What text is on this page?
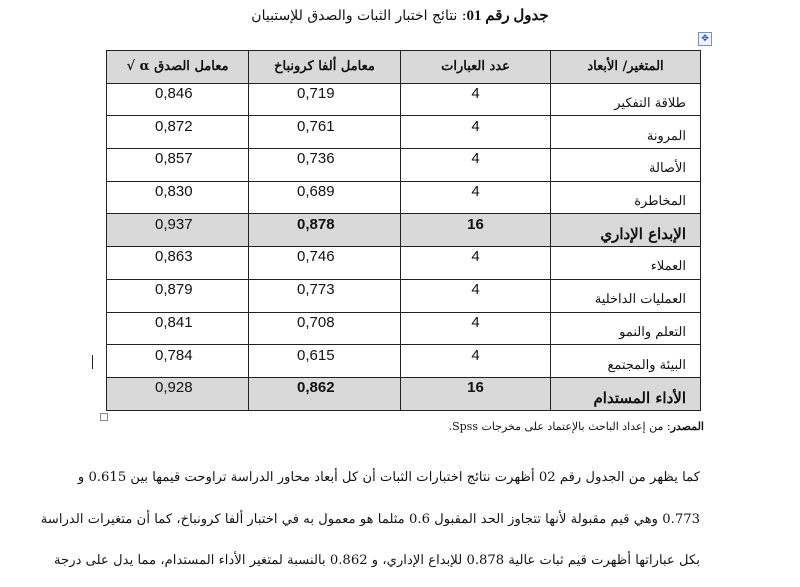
جدول رقم 01: نتائج اختبار الثبات والصدق للإستبيان
✥
معامل الصدق α √	معامل ألفا كرونباخ	عدد العبارات	المتغير/ الأبعاد

0,846	0,719	4	طلاقة التفكير

0,872	0,761	4	المرونة

0,857	0,736	4	الأصالة

0,830	0,689	4	المخاطرة

0,937	0,878	16	الإبداع الإداري

0,863	0,746	4	العملاء

0,879	0,773	4	العمليات الداخلية

0,841	0,708	4	التعلم والنمو

0,784	0,615	4	البيئة والمجتمع

0,928	0,862	16	الأداء المستدام
المصدر: من إعداد الباحث بالإعتماد على مخرجات Spss.
كما يظهر من الجدول رقم 02 أظهرت نتائج اختبارات الثبات أن كل أبعاد محاور الدراسة تراوحت قيمها بين 0.615 و
0.773 وهي قيم مقبولة لأنها تتجاوز الحد المقبول 0.6 مثلما هو معمول به في اختبار ألفا كرونباخ، كما أن متغيرات الدراسة
بكل عباراتها أظهرت قيم ثبات عالية 0.878 للإبداع الإداري، و 0.862 بالنسبة لمتغير الأداء المستدام، مما يدل على درجة
